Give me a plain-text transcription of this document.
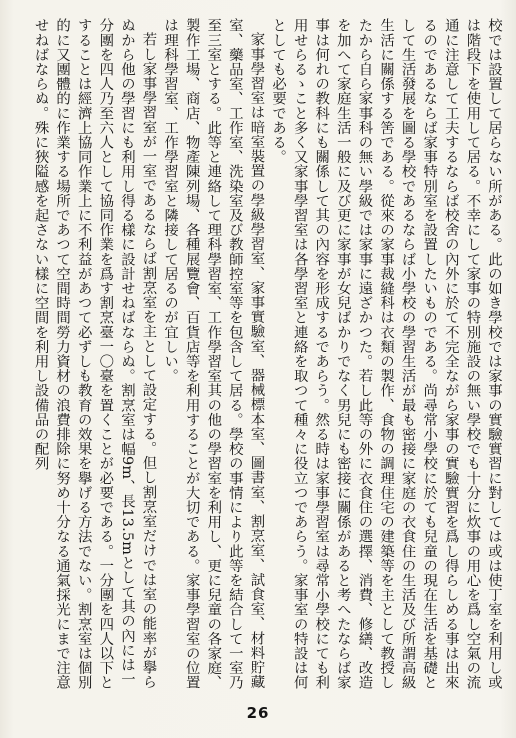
校では設置して居らない所がある。此の如き學校では家事の實驗實習に對しては或は使丁室を利用し或は階段下を使用して居る。不幸にして家事の特別施設の無い學校でも十分に炊事の用心を爲し空氣の流通に注意して工夫するならば校舍の內外に於て不完全ながら家事の實驗實習を爲し得らしめる事は出來るのであるならば家事特別室を設置したいものである。尚尋常小學校に於ても兒童の現在生活を基礎として生活發展を圖る學校であるならば小學校の學習生活が最も密接に家庭の衣食住の生活及び所謂高級生活に關係する筈である。從來の家事裁縫科は衣類の製作、食物の調理住宅の建築等を主として教授したから自ら家事科の無い學級では家事に遠ざかつた。若し此等の外に衣食住の選擇、消費、修繕、改造を加へて家庭生活一般に及び更に家事が女兒ばかりでなく男兒にも密接に關係があると考へたならば家事は何れの教科にも關係して其の內容を形成するであらう。然る時は家事學習室は尋常小學校にても利用せらるゝこと多く又家事學習室は各學習室と連絡を取つて種々に役立つであらう。家事室の特設は何としても必要である。

家事學習室は暗室裝置の學級學習室、家事實驗室、器械標本室、圖書室、割烹室、試食室、材料貯藏室、藥品室、工作室、洗染室及び教師控室等を包含して居る。學校の事情により此等を結合して一室乃至三室とする。此等と連絡して理科學習室、工作學習室其の他の學習室を利用し、更に兒童の各家庭、製作工場、商店、物產陳列場、各種展覽會、百貨店等を利用することが大切である。家事學習室の位置は理科學習室、工作學習室と隣接して居るのが宜しい。

若し家事學習室が一室であるならば割烹室を主として設定する。但し割烹室だけでは室の能率が擧らぬから他の學習にも利用し得る樣に設計せねばならぬ。割烹室は幅9m、長13.5mとして其の內には一分團を四人乃至六人として協同作業を爲す割烹臺一〇臺を置くことが必要である。一分團を四人以下とすることは經濟上協同作業上に不利益があつて必ずしも教育の效果を擧げる方法でない。割烹室は個別的に又團體的に作業する場所であつて空間時間勞力資材の浪費排除に努め十分なる通氣採光にまで注意せねばならぬ。殊に狹隘感を起さない樣に空間を利用し設備品の配列

26
